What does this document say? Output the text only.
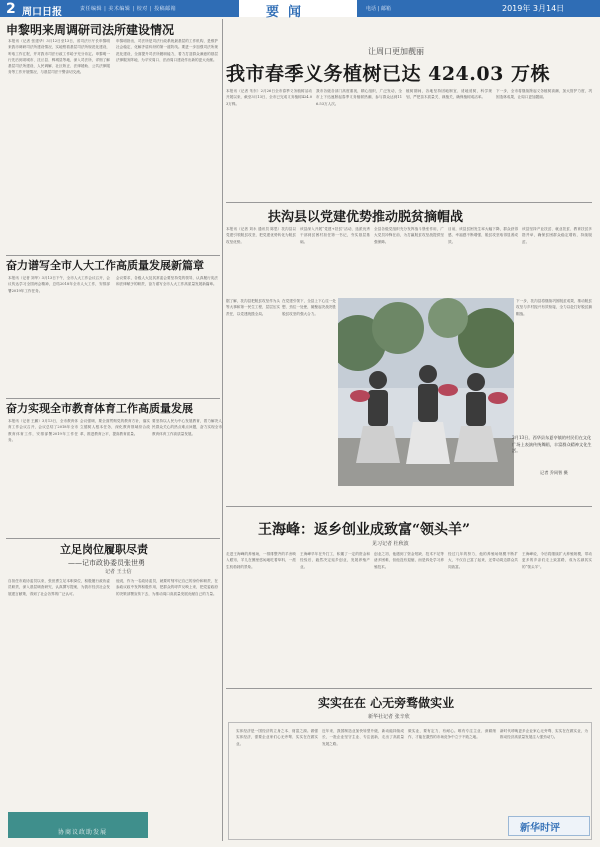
2 周口日报	责任编辑 | 美术编辑 | 校对 | 投稿邮箱	要闻	电话 | 邮箱	2019年 3月14日
申黎明来周调研司法所建设情况
本报讯（记者 张建华）3月12日至13日，省司法厅厅长申黎明来我市调研司法所建设情况，实地察看基层司法所规范化建设，听取工作汇报，并对我市司法行政工作给予充分肯定。申黎明一行先后到项城市、沈丘县、郸城县等地，深入司法所，详细了解基层司法所建设、人民调解、社区矫正、法律援助、公共法律服务等工作开展情况，与基层司法干警亲切交流。
申黎明指出，司法所是司法行政系统最基层的工作机构，是维护社会稳定、化解矛盾纠纷的第一道防线。要进一步加强司法所规范化建设，全面提升司法所履职能力，着力打造群众满意的基层法律服务阵地，为平安周口、法治周口建设作出新的更大贡献。
奋力谱写全市人大工作高质量发展新篇章
本报讯（记者 刘华）3月13日下午，全市人大工作会议召开，会议传达学习全国两会精神，总结2018年全市人大工作，安排部署2019年工作任务。
会议要求，各级人大及其常委会要坚持党的领导，认真履行宪法和法律赋予的职责，奋力谱写全市人大工作高质量发展新篇章。
奋力实现全市教育体育工作高质量发展
本报讯（记者 王鹏）3月13日，全市教育体育工作会议召开，会议总结了2018年全市教育体育工作，安排部署2019年工作任务。
会议强调，要全面贯彻党的教育方针，落实立德树人根本任务，深化教育领域综合改革，推进教育公平，提高教育质量。
要坚持以人民为中心发展教育，着力解决人民群众关心的热点难点问题，奋力实现全市教育体育工作高质量发展。
立足岗位履职尽责
——记市政协委员张世勇
记者 王士信
自担任市政协委员以来，张世勇立足本职岗位，积极履行政协委员职责，深入基层调查研究，认真撰写提案，为我市经济社会发展建言献策，得到了社会各界的广泛认可。
他说，作为一名政协委员，就要时刻牢记自己的身份和职责，在参政议政中发挥积极作用，把群众的呼声反映上来，把党委政府的决策部署宣传下去，为推动周口高质量发展贡献自己的力量。
协商议政助发展
让周口更加靓丽
我市春季义务植树已达 424.03 万株
本报讯（记者 朱东）2月26日全市春季义务植树活动开展以来，截至3月13日，全市已完成义务植树424.03万株。
我市各级各部门高度重视，精心组织，广泛发动，全市上下迅速掀起春季义务植树热潮，参与群众达到116.53万人次。
植树期间，各地坚持因地制宜、适地适树，科学规划，严把苗木质量关、栽植关，确保植树成活率。
下一步，全市将继续掀起义务植树高潮，加大管护力度，巩固造林成果，让周口更加靓丽。
扶沟县以党建优势推动脱贫摘帽战
本报讯（记者 刘永 通讯员 陈思）扶沟县以党建引领脱贫攻坚，把党建优势转化为脱贫攻坚优势。
该县深入开展“党建+扶贫”活动，选派优秀干部到贫困村担任第一书记，夯实基层基础。
全县各级党组织充分发挥战斗堡垒作用，广大党员冲锋在前，为打赢脱贫攻坚战提供坚强保障。
目前，该县贫困发生率大幅下降，群众获得感、幸福感不断增强，脱贫攻坚取得显著成效。
该县坚持产业扶贫、就业扶贫、教育扶贫多措并举，确保贫困群众稳定增收、持续脱贫。
下一步，扶沟县将继续巩固脱贫成果，推动脱贫攻坚与乡村振兴有效衔接，全力以赴打好脱贫摘帽战。
据了解，扶沟县把脱贫攻坚作为头等大事和第一民生工程，层层压实责任，以党建统揽全局。
在党建引领下，全县上下心往一处想、劲往一处使，凝聚起决战决胜脱贫攻坚的强大合力。
3月13日，西华县东夏亭镇的村民们在文化广场上表演传统舞蹈，丰富群众精神文化生活。
记者 乔同智 摄
王海峰：返乡创业成致富“领头羊”
见习记者 杜秋波
走进王海峰的养殖场，一排排整齐的羊舍映入眼帘，羊儿在圈里悠闲地吃着草料，一派生机勃勃的景象。
王海峰早年在外打工，积累了一定的资金和经验后，毅然决定返乡创业，发展养殖产业。
创业之初，他遇到了资金短缺、技术不足等诸多困难，但他没有退缩，而是四处学习养殖技术。
经过几年的努力，他的养殖场规模不断扩大，不仅自己富了起来，还带动周边群众共同致富。
王海峰说，今后将继续扩大养殖规模，带动更多的乡亲们走上致富路，成为名副其实的“领头羊”。
实实在在 心无旁骛做实业
新华社记者 张辛欣
实体经济是一国经济的立身之本、财富之源。做强实体经济，需要企业家们心无旁骛、实实在在做实业。
近年来，我国制造业加快转型升级，新动能持续成长，一批企业坚守主业、专注创新，走出了高质量发展之路。
做实业，要有定力、有耐心。唯有专注主业、深耕细作，才能在激烈的市场竞争中立于不败之地。
新时代呼唤更多企业家心无旁骛、实实在在做实业，为推动经济高质量发展注入强劲动力。
新华时评
